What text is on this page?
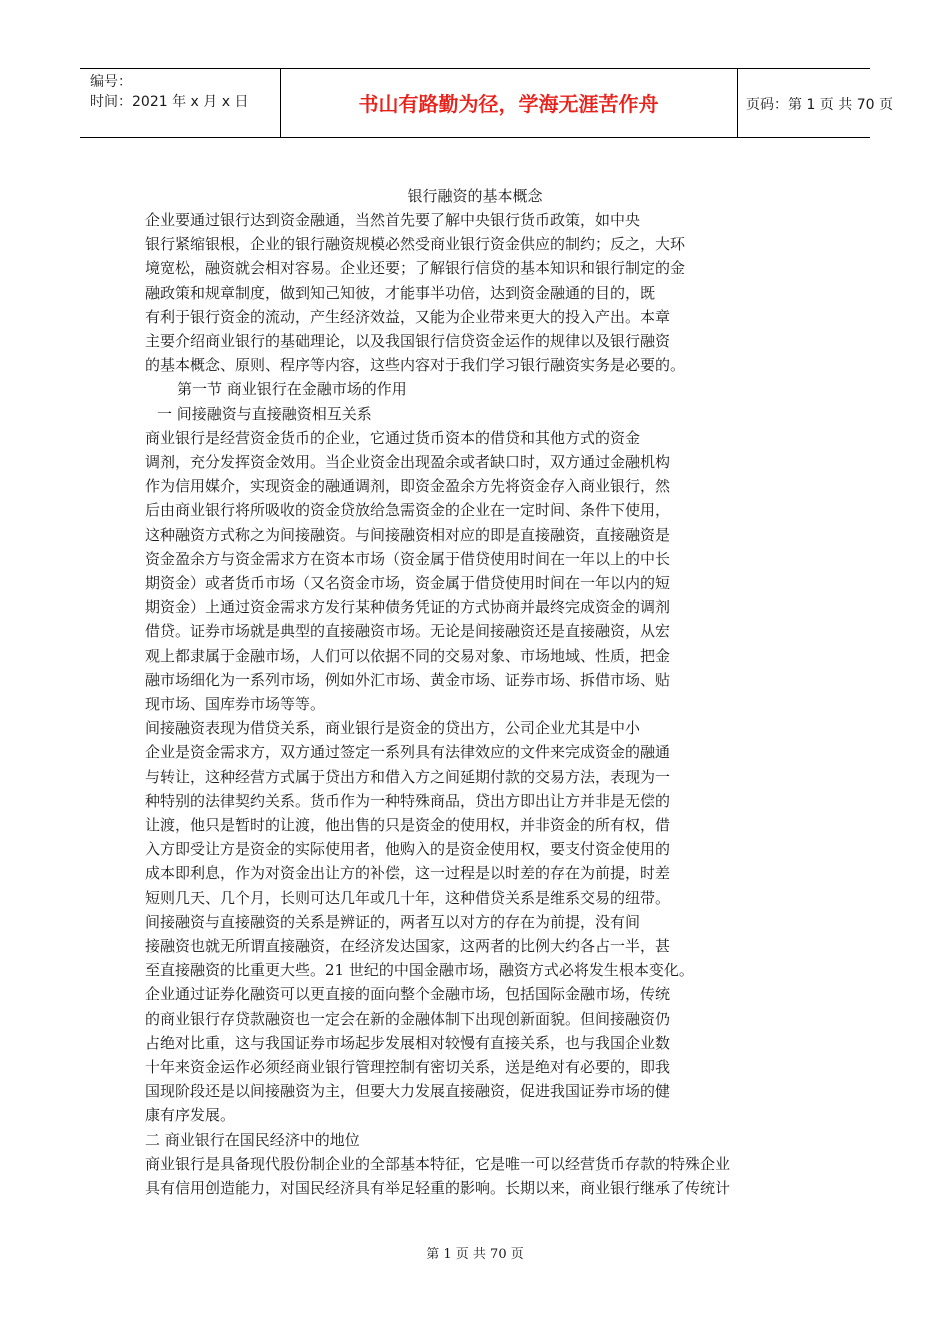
编号：
时间：2021 年 x 月 x 日	书山有路勤为径，学海无涯苦作舟	页码：第 1 页 共 70 页
银行融资的基本概念
企业要通过银行达到资金融通，当然首先要了解中央银行货币政策，如中央
银行紧缩银根，企业的银行融资规模必然受商业银行资金供应的制约；反之，大环
境宽松，融资就会相对容易。企业还要；了解银行信贷的基本知识和银行制定的金
融政策和规章制度，做到知己知彼，才能事半功倍，达到资金融通的目的，既
有利于银行资金的流动，产生经济效益，又能为企业带来更大的投入产出。本章
主要介绍商业银行的基础理论，以及我国银行信贷资金运作的规律以及银行融资
的基本概念、原则、程序等内容，这些内容对于我们学习银行融资实务是必要的。
第一节 商业银行在金融市场的作用
一 间接融资与直接融资相互关系
商业银行是经营资金货币的企业，它通过货币资本的借贷和其他方式的资金
调剂，充分发挥资金效用。当企业资金出现盈余或者缺口时，双方通过金融机构
作为信用媒介，实现资金的融通调剂，即资金盈余方先将资金存入商业银行，然
后由商业银行将所吸收的资金贷放给急需资金的企业在一定时间、条件下使用，
这种融资方式称之为间接融资。与间接融资相对应的即是直接融资，直接融资是
资金盈余方与资金需求方在资本市场（资金属于借贷使用时间在一年以上的中长
期资金）或者货币市场（又名资金市场，资金属于借贷使用时间在一年以内的短
期资金）上通过资金需求方发行某种债务凭证的方式协商并最终完成资金的调剂
借贷。证券市场就是典型的直接融资市场。无论是间接融资还是直接融资，从宏
观上都隶属于金融市场，人们可以依据不同的交易对象、市场地域、性质，把金
融市场细化为一系列市场，例如外汇市场、黄金市场、证券市场、拆借市场、贴
现市场、国库券市场等等。
间接融资表现为借贷关系，商业银行是资金的贷出方，公司企业尤其是中小
企业是资金需求方，双方通过签定一系列具有法律效应的文件来完成资金的融通
与转让，这种经营方式属于贷出方和借入方之间延期付款的交易方法，表现为一
种特别的法律契约关系。货币作为一种特殊商品，贷出方即出让方并非是无偿的
让渡，他只是暂时的让渡，他出售的只是资金的使用权，并非资金的所有权，借
入方即受让方是资金的实际使用者，他购入的是资金使用权，要支付资金使用的
成本即利息，作为对资金出让方的补偿，这一过程是以时差的存在为前提，时差
短则几天、几个月，长则可达几年或几十年，这种借贷关系是维系交易的纽带。
间接融资与直接融资的关系是辨证的，两者互以对方的存在为前提，没有间
接融资也就无所谓直接融资，在经济发达国家，这两者的比例大约各占一半，甚
至直接融资的比重更大些。21 世纪的中国金融市场，融资方式必将发生根本变化。
企业通过证券化融资可以更直接的面向整个金融市场，包括国际金融市场，传统
的商业银行存贷款融资也一定会在新的金融体制下出现创新面貌。但间接融资仍
占绝对比重，这与我国证券市场起步发展相对较慢有直接关系，也与我国企业数
十年来资金运作必须经商业银行管理控制有密切关系，送是绝对有必要的，即我
国现阶段还是以间接融资为主，但要大力发展直接融资，促进我国证券市场的健
康有序发展。
二 商业银行在国民经济中的地位
商业银行是具备现代股份制企业的全部基本特征，它是唯一可以经营货币存款的特殊企业
具有信用创造能力，对国民经济具有举足轻重的影响。长期以来，商业银行继承了传统计
第 1 页 共 70 页
